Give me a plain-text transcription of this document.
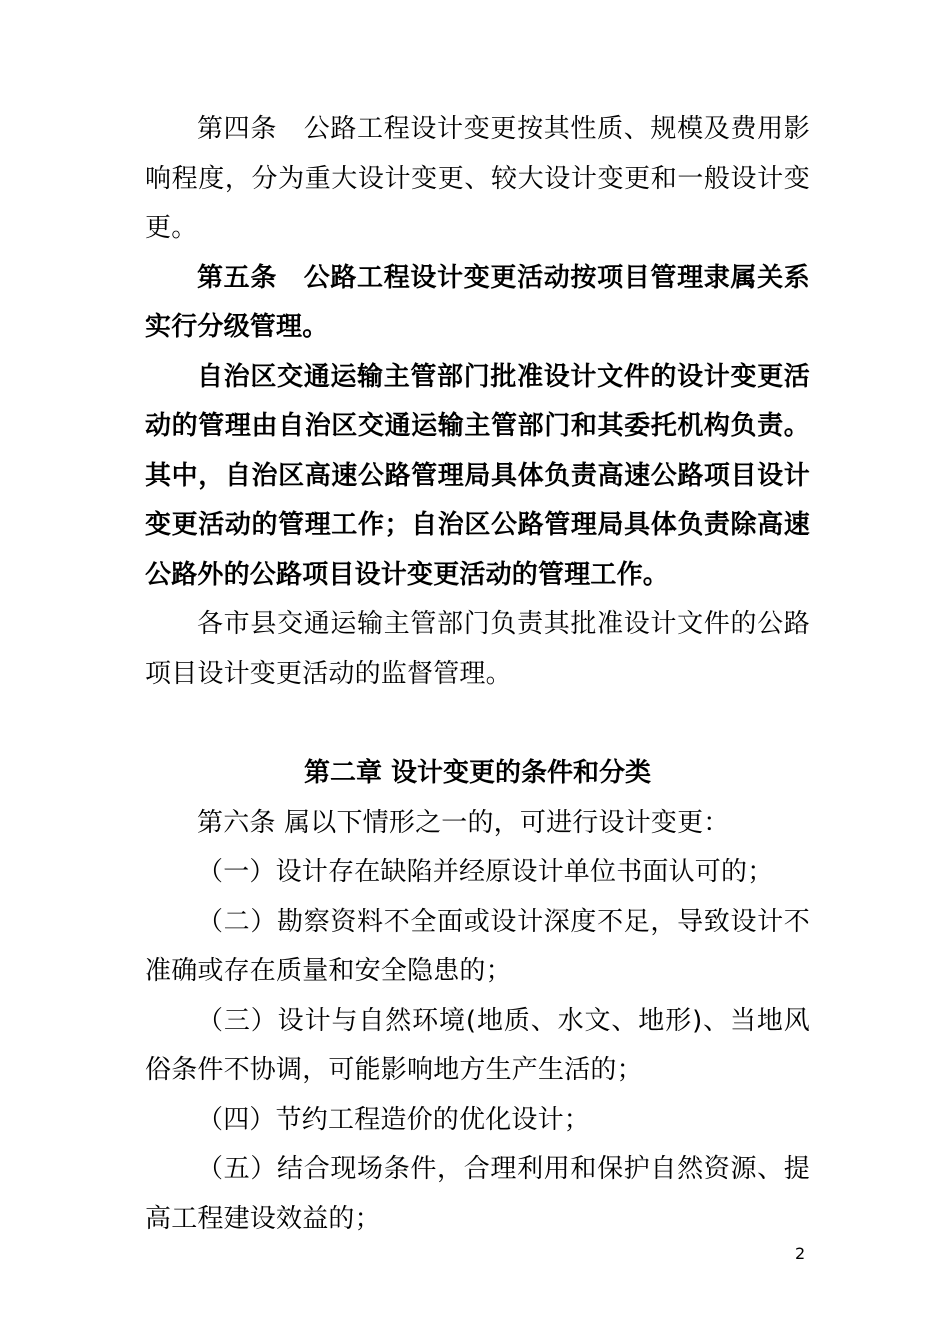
第四条　公路工程设计变更按其性质、规模及费用影响程度，分为重大设计变更、较大设计变更和一般设计变更。

第五条　公路工程设计变更活动按项目管理隶属关系实行分级管理。

自治区交通运输主管部门批准设计文件的设计变更活动的管理由自治区交通运输主管部门和其委托机构负责。其中，自治区高速公路管理局具体负责高速公路项目设计变更活动的管理工作；自治区公路管理局具体负责除高速公路外的公路项目设计变更活动的管理工作。

各市县交通运输主管部门负责其批准设计文件的公路项目设计变更活动的监督管理。

第二章 设计变更的条件和分类

第六条 属以下情形之一的，可进行设计变更：

（一）设计存在缺陷并经原设计单位书面认可的；

（二）勘察资料不全面或设计深度不足，导致设计不准确或存在质量和安全隐患的；

（三）设计与自然环境(地质、水文、地形)、当地风俗条件不协调，可能影响地方生产生活的；

（四）节约工程造价的优化设计；

（五）结合现场条件，合理利用和保护自然资源、提高工程建设效益的；

2
